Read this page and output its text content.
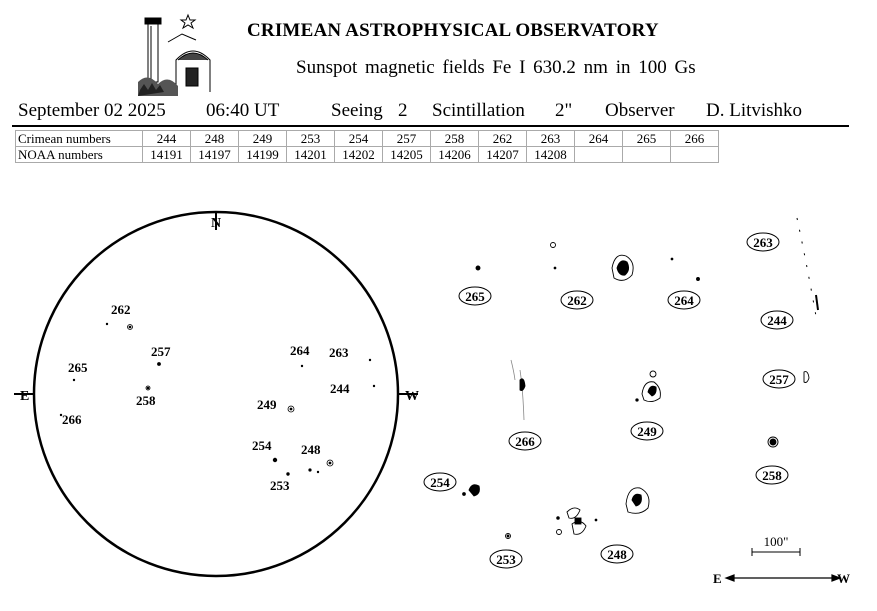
CRIMEAN ASTROPHYSICAL OBSERVATORY
Sunspot magnetic fields Fe I 630.2 nm in 100 Gs
September 02 2025 06:40 UT	Seeing 2 Scintillation 2" Observer D. Litvishko
Crimean numbers	244	248	249	253	254	257	258	262	263	264	265	266
NOAA numbers	14191	14197	14199	14201	14202	14205	14206	14207	14208			
N
E	W
262
257
265
258
266
264 263
244
249
254 248
253
263
265	262	264
244
257
266
249
258
254
253	248
100"
E	W
